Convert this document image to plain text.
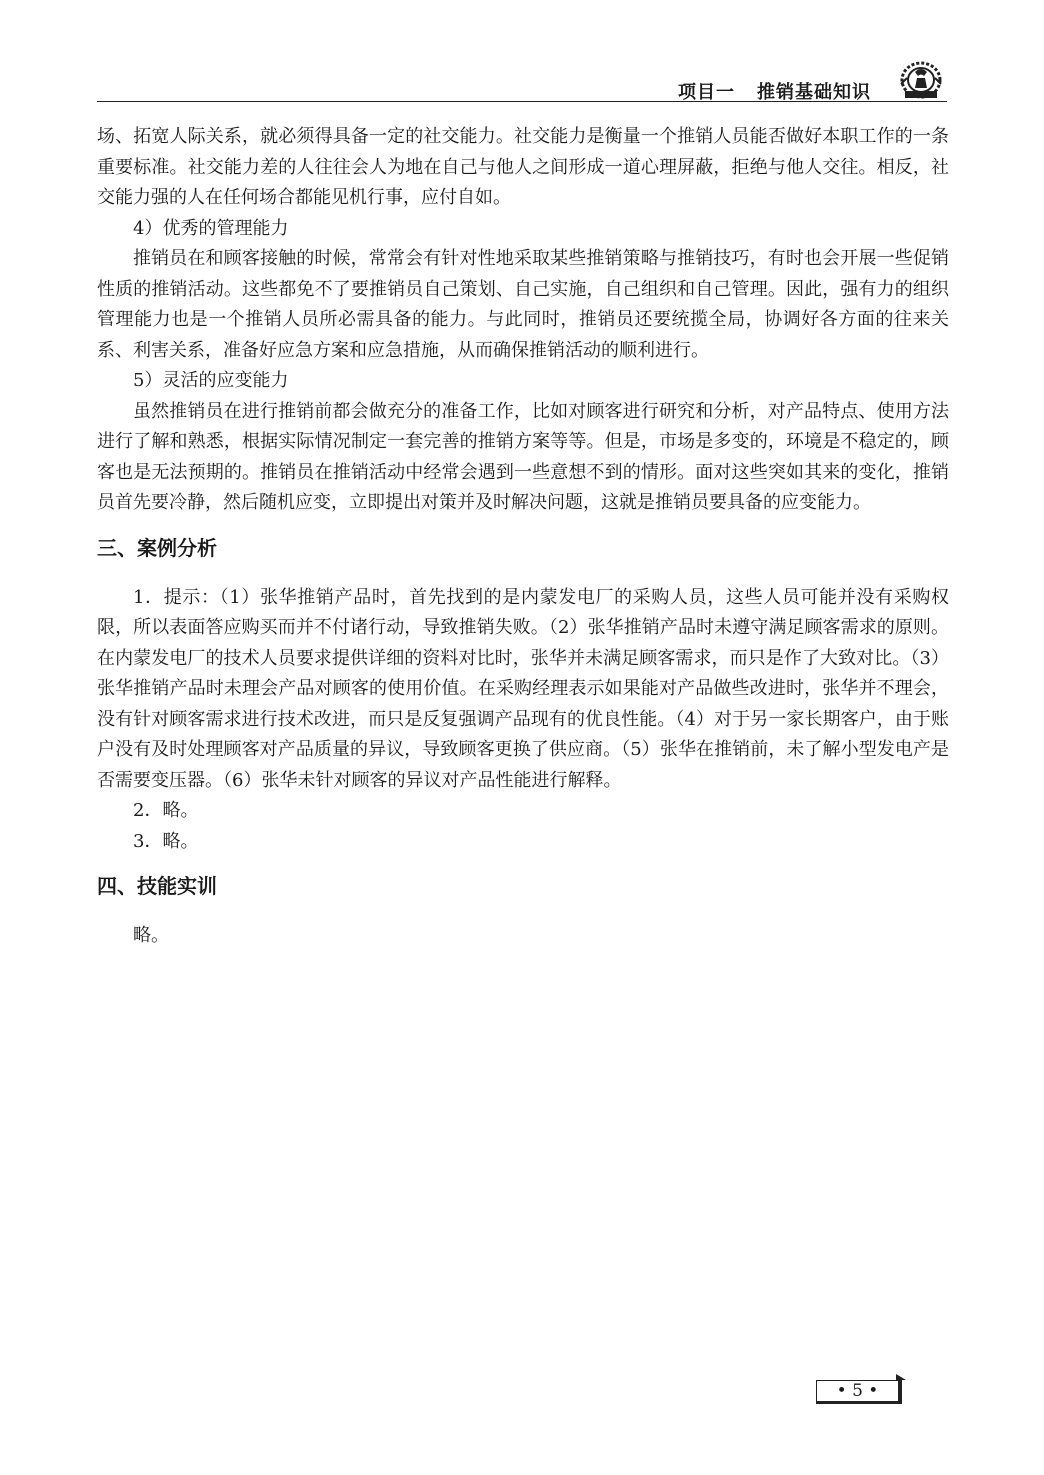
项目一 推销基础知识

场、拓宽人际关系，就必须得具备一定的社交能力。社交能力是衡量一个推销人员能否做好本职工作的一条重要标准。社交能力差的人往往会人为地在自己与他人之间形成一道心理屏蔽，拒绝与他人交往。相反，社交能力强的人在任何场合都能见机行事，应付自如。

4）优秀的管理能力

推销员在和顾客接触的时候，常常会有针对性地采取某些推销策略与推销技巧，有时也会开展一些促销性质的推销活动。这些都免不了要推销员自己策划、自己实施，自己组织和自己管理。因此，强有力的组织管理能力也是一个推销人员所必需具备的能力。与此同时，推销员还要统揽全局，协调好各方面的往来关系、利害关系，准备好应急方案和应急措施，从而确保推销活动的顺利进行。

5）灵活的应变能力

虽然推销员在进行推销前都会做充分的准备工作，比如对顾客进行研究和分析，对产品特点、使用方法进行了解和熟悉，根据实际情况制定一套完善的推销方案等等。但是，市场是多变的，环境是不稳定的，顾客也是无法预期的。推销员在推销活动中经常会遇到一些意想不到的情形。面对这些突如其来的变化，推销员首先要冷静，然后随机应变，立即提出对策并及时解决问题，这就是推销员要具备的应变能力。

三、案例分析

1．提示：（1）张华推销产品时，首先找到的是内蒙发电厂的采购人员，这些人员可能并没有采购权限，所以表面答应购买而并不付诸行动，导致推销失败。（2）张华推销产品时未遵守满足顾客需求的原则。在内蒙发电厂的技术人员要求提供详细的资料对比时，张华并未满足顾客需求，而只是作了大致对比。（3）张华推销产品时未理会产品对顾客的使用价值。在采购经理表示如果能对产品做些改进时，张华并不理会，没有针对顾客需求进行技术改进，而只是反复强调产品现有的优良性能。（4）对于另一家长期客户，由于账户没有及时处理顾客对产品质量的异议，导致顾客更换了供应商。（5）张华在推销前，未了解小型发电产是否需要变压器。（6）张华未针对顾客的异议对产品性能进行解释。

2．略。

3．略。

四、技能实训

略。

• 5 •
